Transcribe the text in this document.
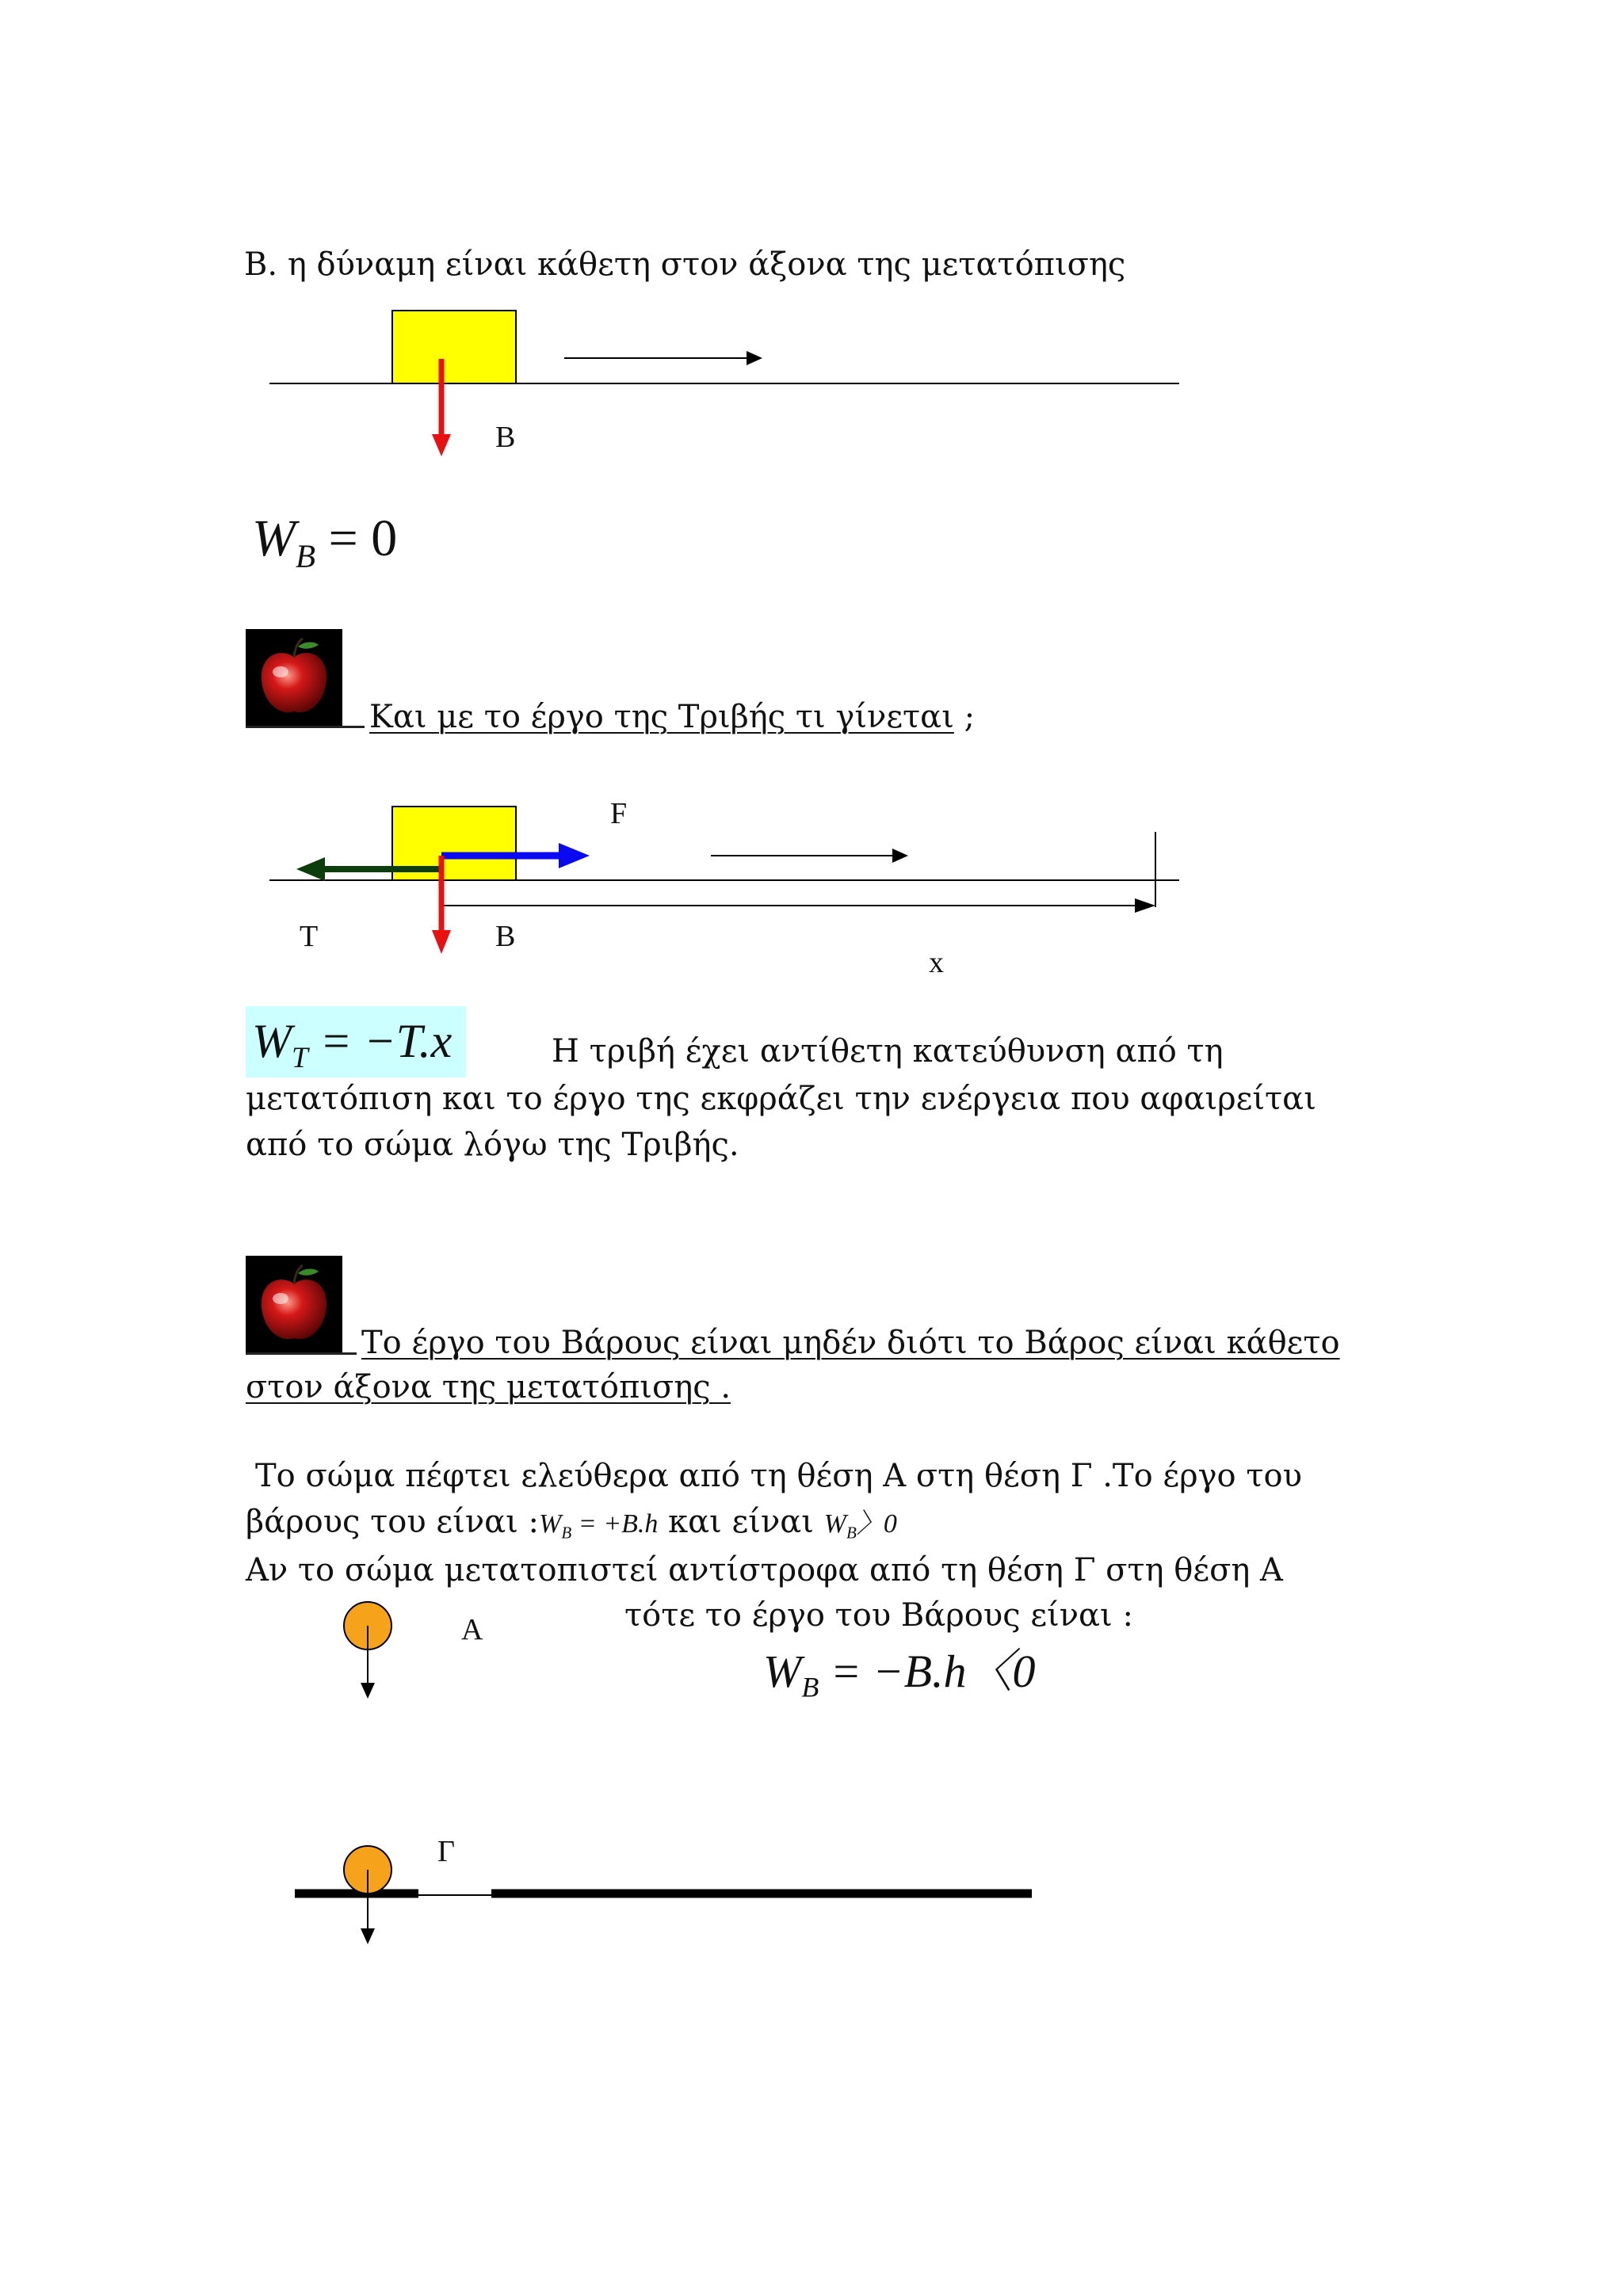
Β. η δύναμη είναι κάθετη στον άξονα της μετατόπισης
Β
$W_B = 0$
Και με το έργο της Τριβής τι γίνεται ;
F
Τ	Β
x
$W_T = -T.x$	Η τριβή έχει αντίθετη κατεύθυνση από τη
μετατόπιση και το έργο της εκφράζει την ενέργεια που αφαιρείται
από το σώμα λόγω της Τριβής.
Το έργο του Βάρους είναι μηδέν διότι το Βάρος είναι κάθετο
στον άξονα της μετατόπισης .
Το σώμα πέφτει ελεύθερα από τη θέση Α στη θέση Γ .Το έργο του
βάρους του είναι $:W_B = +B.h$ και είναι $W_B$〉0
Αν το σώμα μετατοπιστεί αντίστροφα από τη θέση Γ στη θέση Α
τότε το έργο του Βάρους είναι :
$W_B = -B.h$〈0
Α
Γ
